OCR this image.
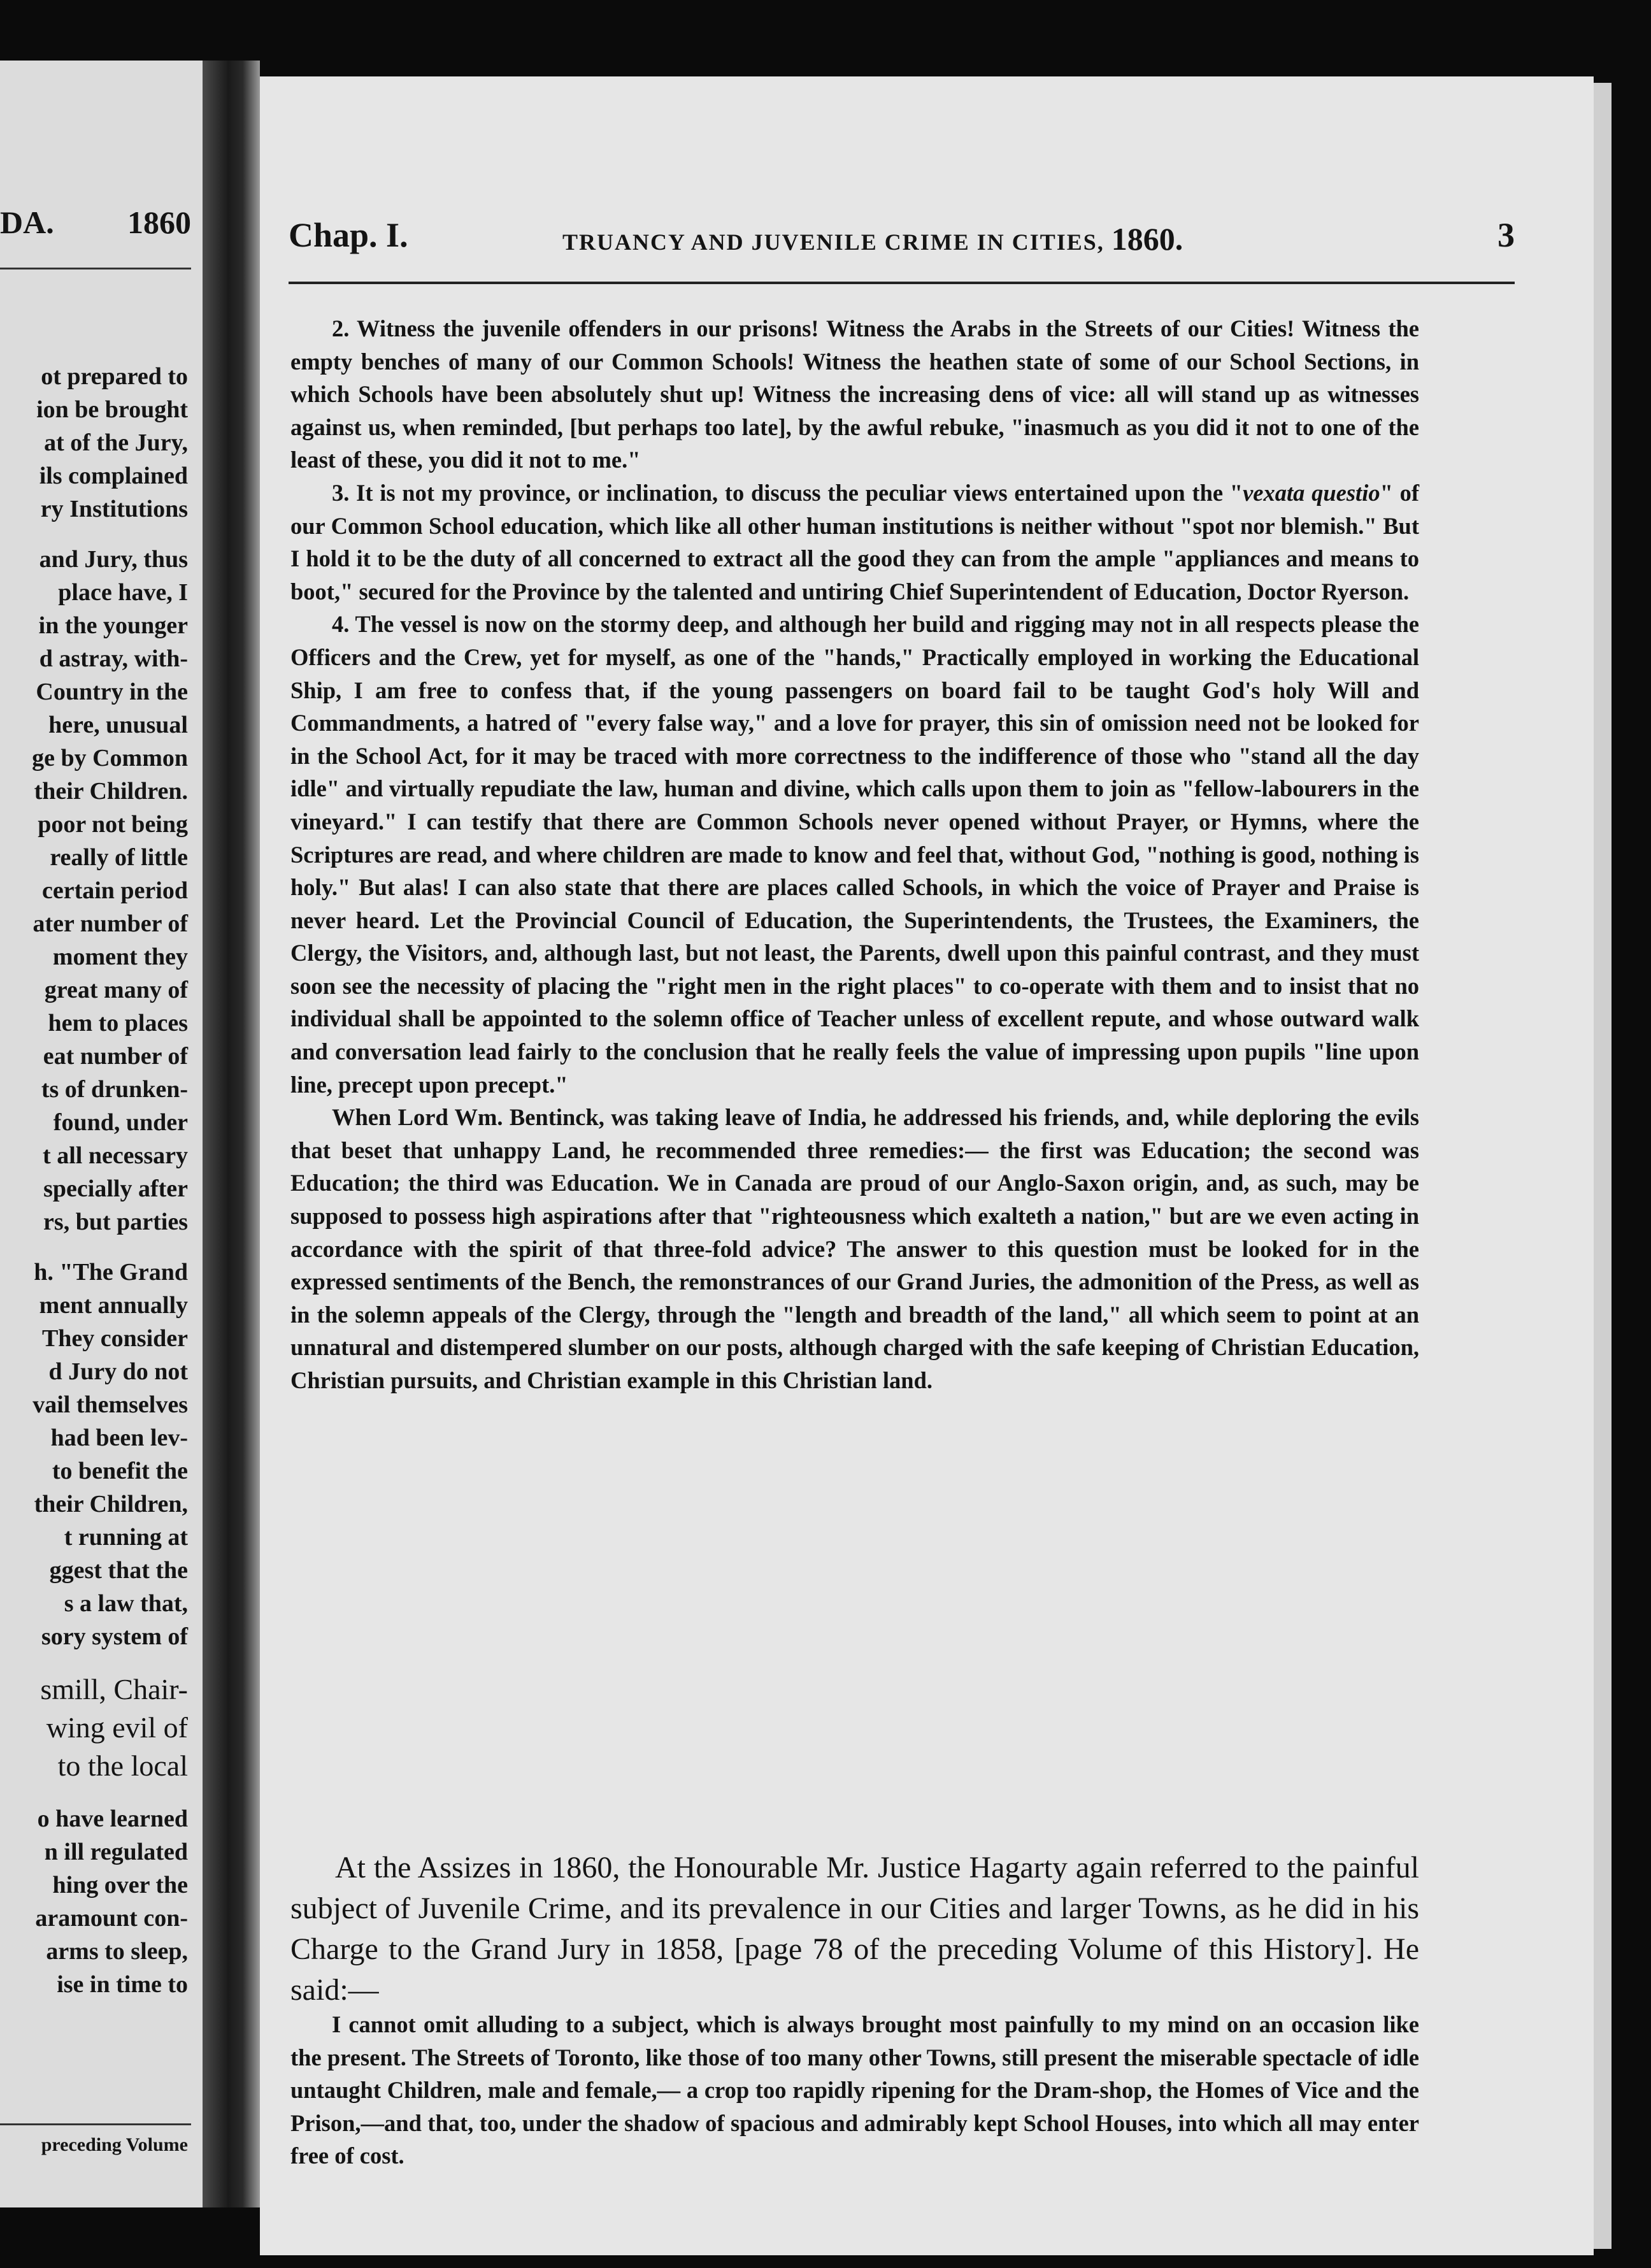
DA. 1860
ot prepared to
ion be brought
at of the Jury,
ils complained
ry Institutions
and Jury, thus
place have, I
in the younger
d astray, with-
Country in the
here, unusual
ge by Common
their Children.
poor not being
really of little
certain period
ater number of
moment they
great many of
hem to places
eat number of
ts of drunken-
found, under
t all necessary
specially after
rs, but parties
h. "The Grand
ment annually
They consider
d Jury do not
vail themselves
had been lev-
to benefit the
their Children,
t running at
ggest that the
s a law that,
sory system of
smill, Chair-
wing evil of
to the local
o have learned
n ill regulated
hing over the
aramount con-
arms to sleep,
ise in time to
preceding Volume
Chap. I.	TRUANCY AND JUVENILE CRIME IN CITIES, 1860.	3

2. Witness the juvenile offenders in our prisons! Witness the Arabs in the Streets of our Cities! Witness the empty benches of many of our Common Schools! Witness the heathen state of some of our School Sections, in which Schools have been absolutely shut up! Witness the increasing dens of vice: all will stand up as witnesses against us, when reminded, [but perhaps too late], by the awful rebuke, "inasmuch as you did it not to one of the least of these, you did it not to me."

3. It is not my province, or inclination, to discuss the peculiar views entertained upon the "vexata questio" of our Common School education, which like all other human institutions is neither without "spot nor blemish." But I hold it to be the duty of all concerned to extract all the good they can from the ample "appliances and means to boot," secured for the Province by the talented and untiring Chief Superintendent of Education, Doctor Ryerson.

4. The vessel is now on the stormy deep, and although her build and rigging may not in all respects please the Officers and the Crew, yet for myself, as one of the "hands," Practically employed in working the Educational Ship, I am free to confess that, if the young passengers on board fail to be taught God's holy Will and Commandments, a hatred of "every false way," and a love for prayer, this sin of omission need not be looked for in the School Act, for it may be traced with more correctness to the indifference of those who "stand all the day idle" and virtually repudiate the law, human and divine, which calls upon them to join as "fellow-labourers in the vineyard." I can testify that there are Common Schools never opened without Prayer, or Hymns, where the Scriptures are read, and where children are made to know and feel that, without God, "nothing is good, nothing is holy." But alas! I can also state that there are places called Schools, in which the voice of Prayer and Praise is never heard. Let the Provincial Council of Education, the Superintendents, the Trustees, the Examiners, the Clergy, the Visitors, and, although last, but not least, the Parents, dwell upon this painful contrast, and they must soon see the necessity of placing the "right men in the right places" to co-operate with them and to insist that no individual shall be appointed to the solemn office of Teacher unless of excellent repute, and whose outward walk and conversation lead fairly to the conclusion that he really feels the value of impressing upon pupils "line upon line, precept upon precept."

When Lord Wm. Bentinck, was taking leave of India, he addressed his friends, and, while deploring the evils that beset that unhappy Land, he recommended three remedies:— the first was Education; the second was Education; the third was Education. We in Canada are proud of our Anglo-Saxon origin, and, as such, may be supposed to possess high aspirations after that "righteousness which exalteth a nation," but are we even acting in accordance with the spirit of that three-fold advice? The answer to this question must be looked for in the expressed sentiments of the Bench, the remonstrances of our Grand Juries, the admonition of the Press, as well as in the solemn appeals of the Clergy, through the "length and breadth of the land," all which seem to point at an unnatural and distempered slumber on our posts, although charged with the safe keeping of Christian Education, Christian pursuits, and Christian example in this Christian land.

At the Assizes in 1860, the Honourable Mr. Justice Hagarty again referred to the painful subject of Juvenile Crime, and its prevalence in our Cities and larger Towns, as he did in his Charge to the Grand Jury in 1858, [page 78 of the preceding Volume of this History]. He said:—

I cannot omit alluding to a subject, which is always brought most painfully to my mind on an occasion like the present. The Streets of Toronto, like those of too many other Towns, still present the miserable spectacle of idle untaught Children, male and female,— a crop too rapidly ripening for the Dram-shop, the Homes of Vice and the Prison,—and that, too, under the shadow of spacious and admirably kept School Houses, into which all may enter free of cost.
